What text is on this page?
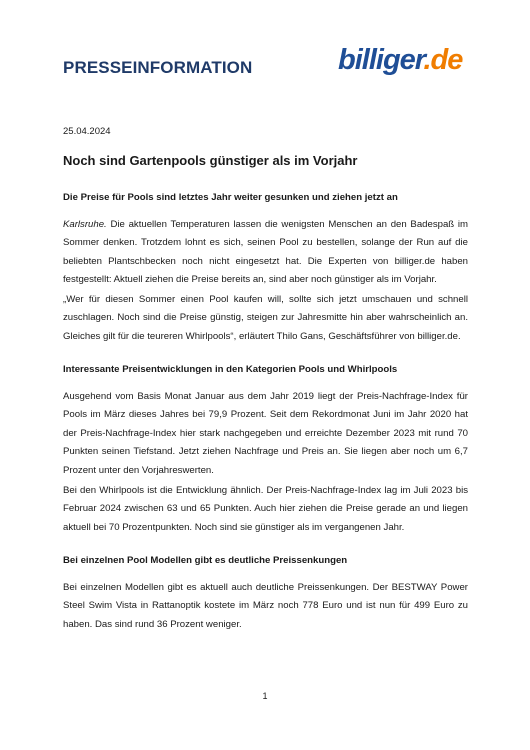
PRESSEINFORMATION	billiger.de
25.04.2024
Noch sind Gartenpools günstiger als im Vorjahr
Die Preise für Pools sind letztes Jahr weiter gesunken und ziehen jetzt an
Karlsruhe. Die aktuellen Temperaturen lassen die wenigsten Menschen an den Badespaß im Sommer denken. Trotzdem lohnt es sich, seinen Pool zu bestellen, solange der Run auf die beliebten Plantschbecken noch nicht eingesetzt hat. Die Experten von billiger.de haben festgestellt: Aktuell ziehen die Preise bereits an, sind aber noch günstiger als im Vorjahr.
„Wer für diesen Sommer einen Pool kaufen will, sollte sich jetzt umschauen und schnell zuschlagen. Noch sind die Preise günstig, steigen zur Jahresmitte hin aber wahrscheinlich an. Gleiches gilt für die teureren Whirlpools“, erläutert Thilo Gans, Geschäftsführer von billiger.de.
Interessante Preisentwicklungen in den Kategorien Pools und Whirlpools
Ausgehend vom Basis Monat Januar aus dem Jahr 2019 liegt der Preis-Nachfrage-Index für Pools im März dieses Jahres bei 79,9 Prozent. Seit dem Rekordmonat Juni im Jahr 2020 hat der Preis-Nachfrage-Index hier stark nachgegeben und erreichte Dezember 2023 mit rund 70 Punkten seinen Tiefstand. Jetzt ziehen Nachfrage und Preis an. Sie liegen aber noch um 6,7 Prozent unter den Vorjahreswerten.
Bei den Whirlpools ist die Entwicklung ähnlich. Der Preis-Nachfrage-Index lag im Juli 2023 bis Februar 2024 zwischen 63 und 65 Punkten. Auch hier ziehen die Preise gerade an und liegen aktuell bei 70 Prozentpunkten. Noch sind sie günstiger als im vergangenen Jahr.
Bei einzelnen Pool Modellen gibt es deutliche Preissenkungen
Bei einzelnen Modellen gibt es aktuell auch deutliche Preissenkungen. Der BESTWAY Power Steel Swim Vista in Rattanoptik kostete im März noch 778 Euro und ist nun für 499 Euro zu haben. Das sind rund 36 Prozent weniger.
1
